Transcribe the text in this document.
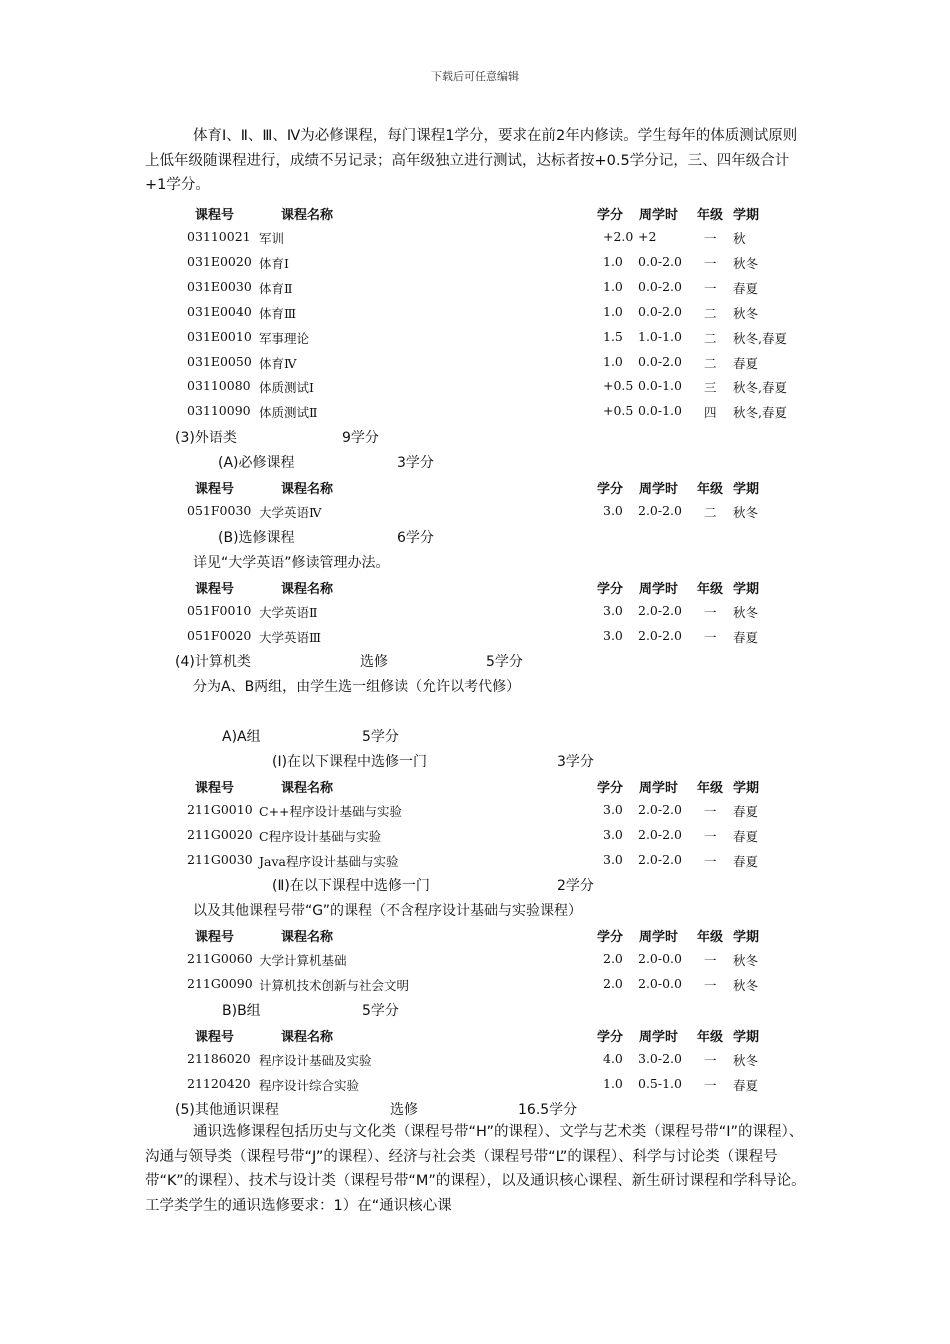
下载后可任意编辑

体育Ⅰ、Ⅱ、Ⅲ、Ⅳ为必修课程，每门课程1学分，要求在前2年内修读。学生每年的体质测试原则上低年级随课程进行，成绩不另记录；高年级独立进行测试，达标者按+0.5学分记，三、四年级合计+1学分。

课程号	课程名称	学分 周学时 年级 学期
03110021 军训	+2.0 +2	一 秋
031E0020 体育Ⅰ	1.0 0.0-2.0 一 秋冬
031E0030 体育Ⅱ	1.0 0.0-2.0 一 春夏
031E0040 体育Ⅲ	1.0 0.0-2.0 二 秋冬
031E0010 军事理论	1.5 1.0-1.0 二 秋冬,春夏
031E0050 体育Ⅳ	1.0 0.0-2.0 二 春夏
03110080 体质测试Ⅰ	+0.5 0.0-1.0 三 秋冬,春夏
03110090 体质测试Ⅱ	+0.5 0.0-1.0 四 秋冬,春夏
(3)外语类	9学分
(A)必修课程	3学分
课程号	课程名称	学分 周学时 年级 学期
051F0030 大学英语Ⅳ	3.0 2.0-2.0 二 秋冬
(B)选修课程	6学分
详见“大学英语”修读管理办法。
课程号	课程名称	学分 周学时 年级 学期
051F0010 大学英语Ⅱ	3.0 2.0-2.0 一 秋冬
051F0020 大学英语Ⅲ	3.0 2.0-2.0 一 春夏
(4)计算机类	选修	5学分
分为A、B两组，由学生选一组修读（允许以考代修）
A)A组	5学分
(Ⅰ)在以下课程中选修一门	3学分
课程号	课程名称	学分 周学时 年级 学期
211G0010 C++程序设计基础与实验	3.0 2.0-2.0 一 春夏
211G0020 C程序设计基础与实验	3.0 2.0-2.0 一 春夏
211G0030 Java程序设计基础与实验	3.0 2.0-2.0 一 春夏
(Ⅱ)在以下课程中选修一门	2学分
以及其他课程号带“G”的课程（不含程序设计基础与实验课程）
课程号	课程名称	学分 周学时 年级 学期
211G0060 大学计算机基础	2.0 2.0-0.0 一 秋冬
211G0090 计算机技术创新与社会文明	2.0 2.0-0.0 一 秋冬
B)B组	5学分
课程号	课程名称	学分 周学时 年级 学期
21186020 程序设计基础及实验	4.0 3.0-2.0 一 秋冬
21120420 程序设计综合实验	1.0 0.5-1.0 一 春夏
(5)其他通识课程	选修	16.5学分

通识选修课程包括历史与文化类（课程号带“H”的课程）、文学与艺术类（课程号带“I”的课程）、沟通与领导类（课程号带“J”的课程）、经济与社会类（课程号带“L”的课程）、科学与讨论类（课程号带“K”的课程）、技术与设计类（课程号带“M”的课程），以及通识核心课程、新生研讨课程和学科导论。工学类学生的通识选修要求：1）在“通识核心课
